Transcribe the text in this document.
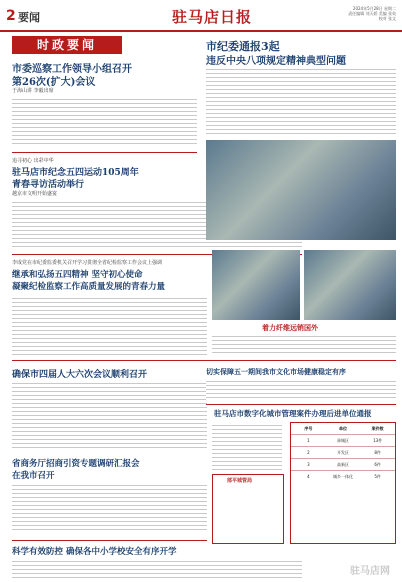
2 要闻	驻马店日报	2024年5月28日 星期二
责任编辑 刘天娇 美编 张英
校对 张文
时政要闻
市委巡察工作领导小组召开
第26次(扩大)会议
于海山讲 李毅出席
追寻初心 出彩中华
驻马店市纪念五四运动105周年
青春寻访活动举行
越京市文明开始盛宴
李成党在市纪委监委机关召开学习贯彻全省纪检监察工作会议上强调
继承和弘扬五四精神 坚守初心使命
凝聚纪检监察工作高质量发展的青春力量
着力纤维远销国外
市纪委通报3起
违反中央八项规定精神典型问题
确保市四届人大六次会议顺利召开	切实保障五一期间我市文化市场健康稳定有序
驻马店市数字化城市管理案件办理后进单位通报
序号	单位	案件数
1	驿城区	13件
2	开发区	8件
3	高新区	6件
4	城乡一体化	5件
部平城管局
省商务厅招商引资专题调研汇报会
在我市召开
科学有效防控 确保各中小学校安全有序开学
驻马店网
